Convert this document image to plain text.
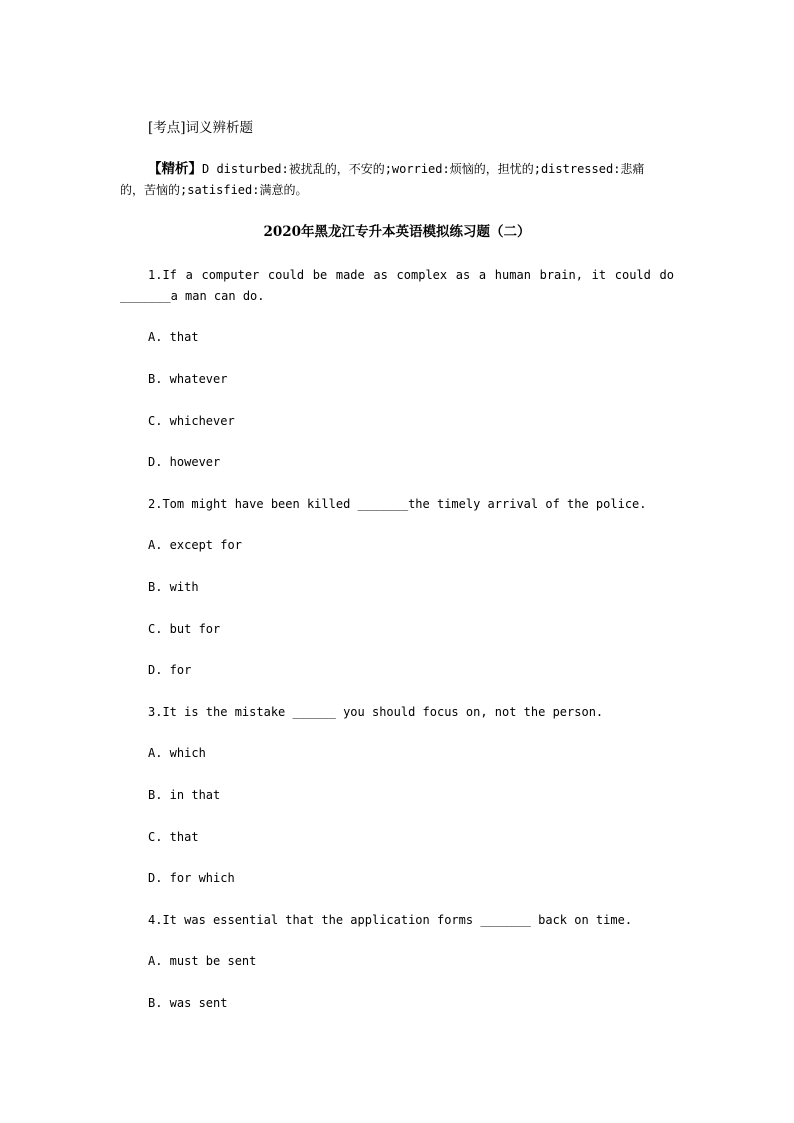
[考点]词义辨析题
【精析】D disturbed:被扰乱的，不安的;worried:烦恼的，担忧的;distressed:悲痛
的，苦恼的;satisfied:满意的。
2020年黑龙江专升本英语模拟练习题（二）
1.If a computer could be made as complex as a human brain, it could do
_______a man can do.
A. that
B. whatever
C. whichever
D. however
2.Tom might have been killed _______the timely arrival of the police.
A. except for
B. with
C. but for
D. for
3.It is the mistake ______ you should focus on, not the person.
A. which
B. in that
C. that
D. for which
4.It was essential that the application forms _______ back on time.
A. must be sent
B. was sent
